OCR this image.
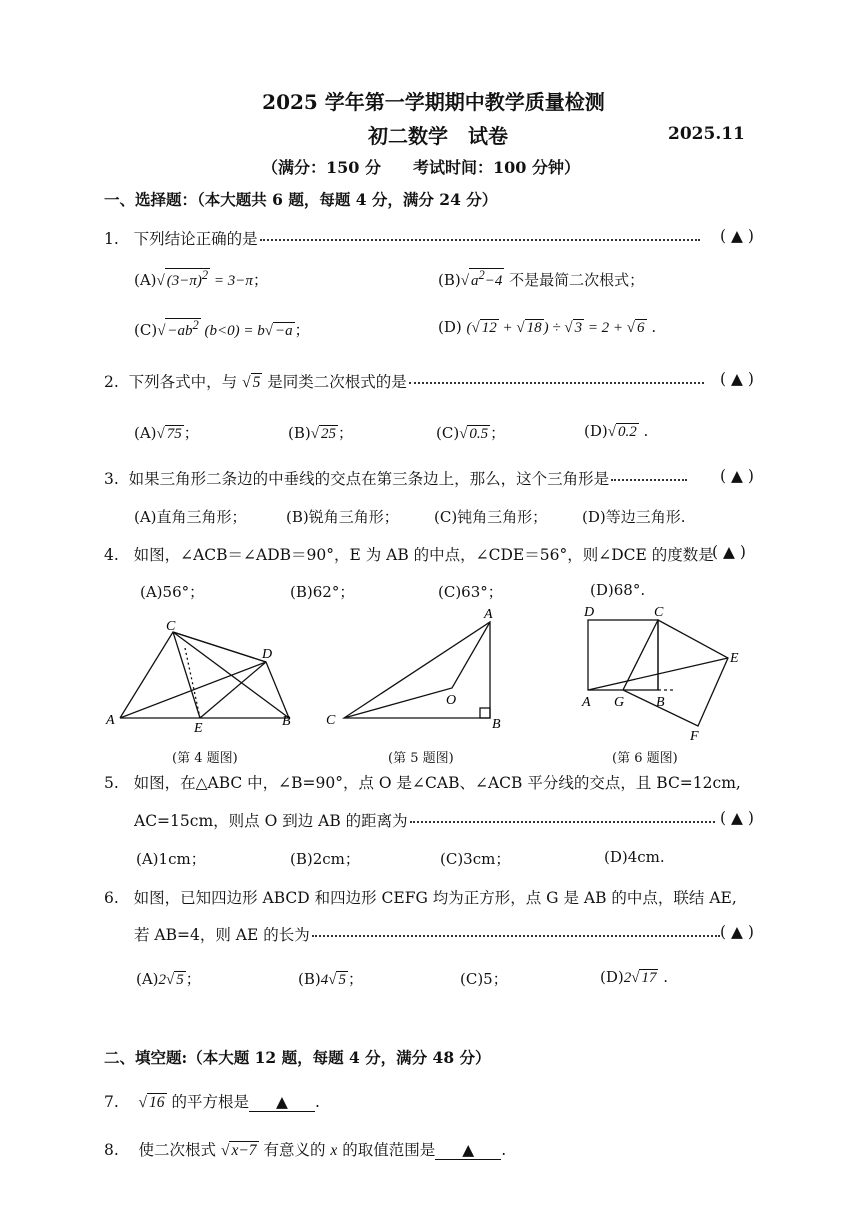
2025 学年第一学期期中教学质量检测
初二数学　试卷	2025.11
（满分：150 分　　考试时间：100 分钟）
一、选择题：（本大题共 6 题，每题 4 分，满分 24 分）
1. 下列结论正确的是	( ▲ )
(A)√ $(3-\pi)^2 = 3-\pi$；	(B)√ $a^2-4$ 不是最简二次根式；
$(C)√ -ab^2$ (b<0) = b√ −a ；	(D) (√ 12 + √ 18 ) ÷ √ 3 = 2 + √ 6 .
2.  下列各式中，与 √ 5 是同类二次根式的是	( ▲ )
(A)√ 75 ；	(B)√ 25 ；	(C)√ 0.5 ；	(D)√ 0.2 .
3. 如果三角形二条边的中垂线的交点在第三条边上，那么，这个三角形是	( ▲ )
(A)直角三角形；	(B)锐角三角形； (C)钝角三角形； (D)等边三角形.
4. 如图，∠ACB＝∠ADB＝90°，E 为 AB 的中点，∠CDE＝56°，则∠DCE 的度数是
( ▲ )
(A)56°；	(B)62°；	(C)63°；	(D)68°.
C
D
A
E	B
(第 4 题图)
A
O
C	B
(第 5 题图)
D	C
E
A G B
F
(第 6 题图)
5. 如图，在△ABC 中，∠B=90°，点 O 是∠CAB、∠ACB 平分线的交点，且 BC=12cm,
AC=15cm，则点 O 到边 AB 的距离为	( ▲ )
(A)1cm；	(B)2cm；	(C)3cm；	(D)4cm.
6. 如图，已知四边形 ABCD 和四边形 CEFG 均为正方形，点 G 是 AB 的中点，联结 AE,
若 AB=4，则 AE 的长为	( ▲ )
(A)2√ 5 ；	(B)4√ 5 ；	(C)5；	(D)2√ 17 .
二、填空题:（本大题 12 题，每题 4 分，满分 48 分）
7. √ 16 的平方根是 ▲ .
8.    使二次根式 √ x−7 有意义的 x 的取值范围是 ▲ .
